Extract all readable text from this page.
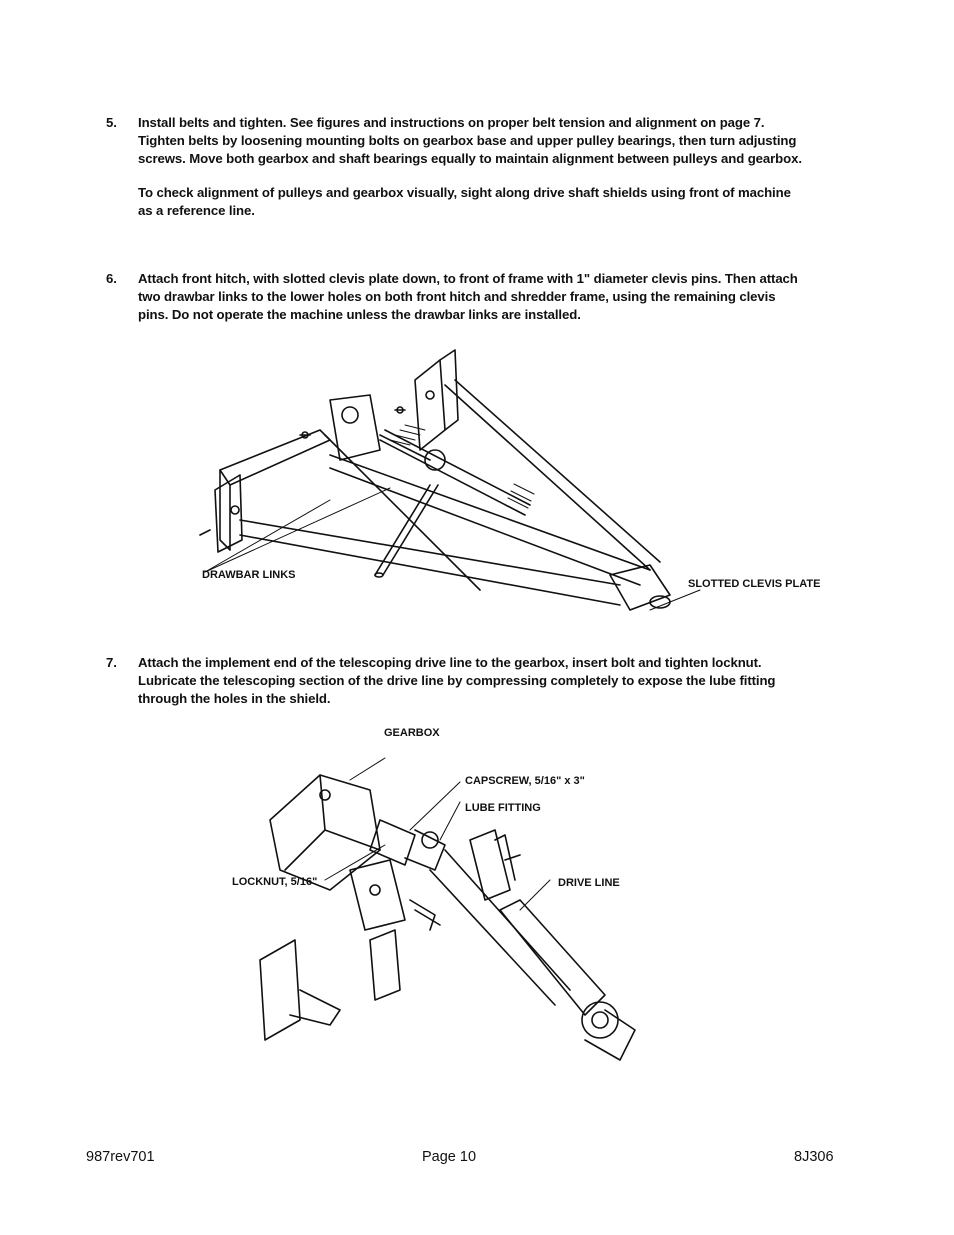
5. Install belts and tighten. See figures and instructions on proper belt tension and alignment on page 7. Tighten belts by loosening mounting bolts on gearbox base and upper pulley bearings, then turn adjusting screws. Move both gearbox and shaft bearings equally to maintain alignment between pulleys and gearbox.

To check alignment of pulleys and gearbox visually, sight along drive shaft shields using front of machine as a reference line.

6. Attach front hitch, with slotted clevis plate down, to front of frame with 1" diameter clevis pins. Then attach two drawbar links to the lower holes on both front hitch and shredder frame, using the remaining clevis pins. Do not operate the machine unless the drawbar links are installed.

DRAWBAR LINKS
SLOTTED CLEVIS PLATE
7. Attach the implement end of the telescoping drive line to the gearbox, insert bolt and tighten locknut. Lubricate the telescoping section of the drive line by compressing completely to expose the lube fitting through the holes in the shield.

GEARBOX
CAPSCREW, 5/16" x 3"
LUBE FITTING
LOCKNUT, 5/16"	DRIVE LINE
987rev701	Page 10	8J306
